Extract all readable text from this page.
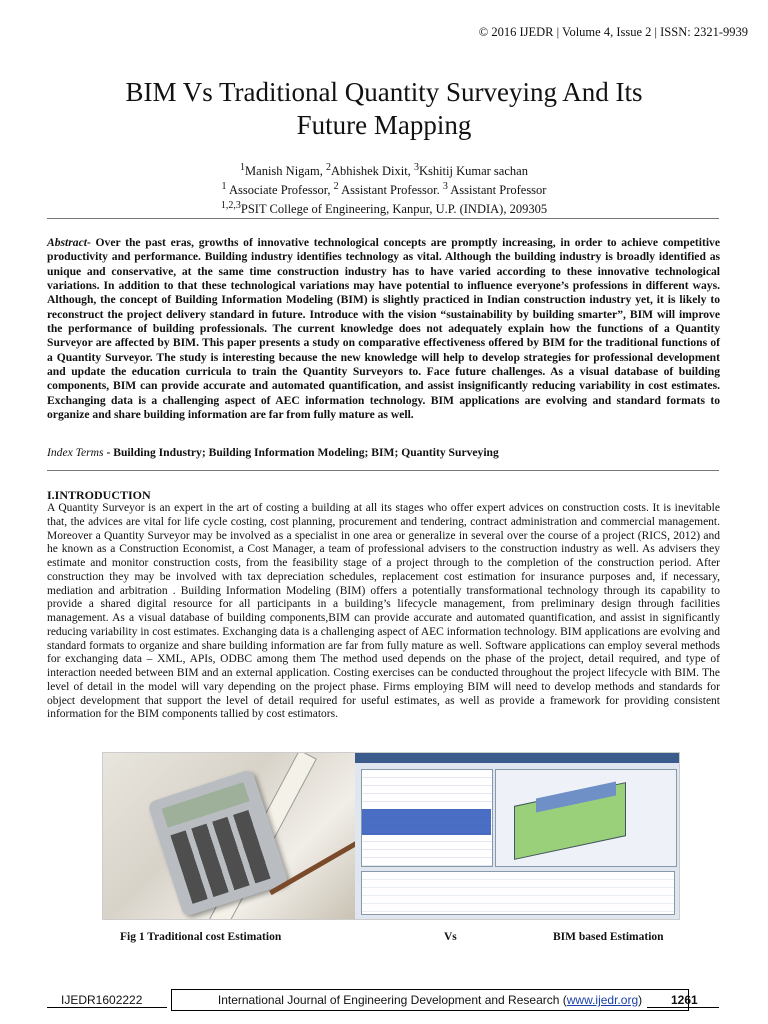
© 2016 IJEDR | Volume 4, Issue 2 | ISSN: 2321-9939
BIM Vs Traditional Quantity Surveying And Its
Future Mapping
$^1$Manish Nigam, $^2$Abhishek Dixit, $^3$Kshitij Kumar sachan
$^1$ Associate Professor, $^2$ Assistant Professor. $^3$ Assistant Professor
$^{1,2,3}$PSIT College of Engineering, Kanpur, U.P. (INDIA), 209305
Abstract- Over the past eras, growths of innovative technological concepts are promptly increasing, in order to achieve competitive productivity and performance. Building industry identifies technology as vital. Although the building industry is broadly identified as unique and conservative, at the same time construction industry has to have varied according to these innovative technological variations. In addition to that these technological variations may have potential to influence everyone’s professions in different ways. Although, the concept of Building Information Modeling (BIM) is slightly practiced in Indian construction industry yet, it is likely to reconstruct the project delivery standard in future. Introduce with the vision “sustainability by building smarter”, BIM will improve the performance of building professionals. The current knowledge does not adequately explain how the functions of a Quantity Surveyor are affected by BIM. This paper presents a study on comparative effectiveness offered by BIM for the traditional functions of a Quantity Surveyor. The study is interesting because the new knowledge will help to develop strategies for professional development and update the education curricula to train the Quantity Surveyors to. Face future challenges. As a visual database of building components, BIM can provide accurate and automated quantification, and assist insignificantly reducing variability in cost estimates. Exchanging data is a challenging aspect of AEC information technology. BIM applications are evolving and standard formats to organize and share building information are far from fully mature as well.
Index Terms - Building Industry; Building Information Modeling; BIM; Quantity Surveying
I.INTRODUCTION
A Quantity Surveyor is an expert in the art of costing a building at all its stages who offer expert advices on construction costs. It is inevitable that, the advices are vital for life cycle costing, cost planning, procurement and tendering, contract administration and commercial management. Moreover a Quantity Surveyor may be involved as a specialist in one area or generalize in several over the course of a project (RICS, 2012) and he known as a Construction Economist, a Cost Manager, a team of professional advisers to the construction industry as well. As advisers they estimate and monitor construction costs, from the feasibility stage of a project through to the completion of the construction period. After construction they may be involved with tax depreciation schedules, replacement cost estimation for insurance purposes and, if necessary, mediation and arbitration . Building Information Modeling (BIM) offers a potentially transformational technology through its capability to provide a shared digital resource for all participants in a building’s lifecycle management, from preliminary design through facilities management. As a visual database of building components,BIM can provide accurate and automated quantification, and assist in significantly reducing variability in cost estimates. Exchanging data is a challenging aspect of AEC information technology. BIM applications are evolving and standard formats to organize and share building information are far from fully mature as well. Software applications can employ several methods for exchanging data – XML, APIs, ODBC among them The method used depends on the phase of the project, detail required, and type of interaction needed between BIM and an external application. Costing exercises can be conducted throughout the project lifecycle with BIM. The level of detail in the model will vary depending on the project phase. Firms employing BIM will need to develop methods and standards for object development that support the level of detail required for useful estimates, as well as provide a framework for providing consistent information for the BIM components tallied by cost estimators.
Fig 1 Traditional cost Estimation	Vs	BIM based Estimation
IJEDR1602222	International Journal of Engineering Development and Research (www.ijedr.org)	1261
